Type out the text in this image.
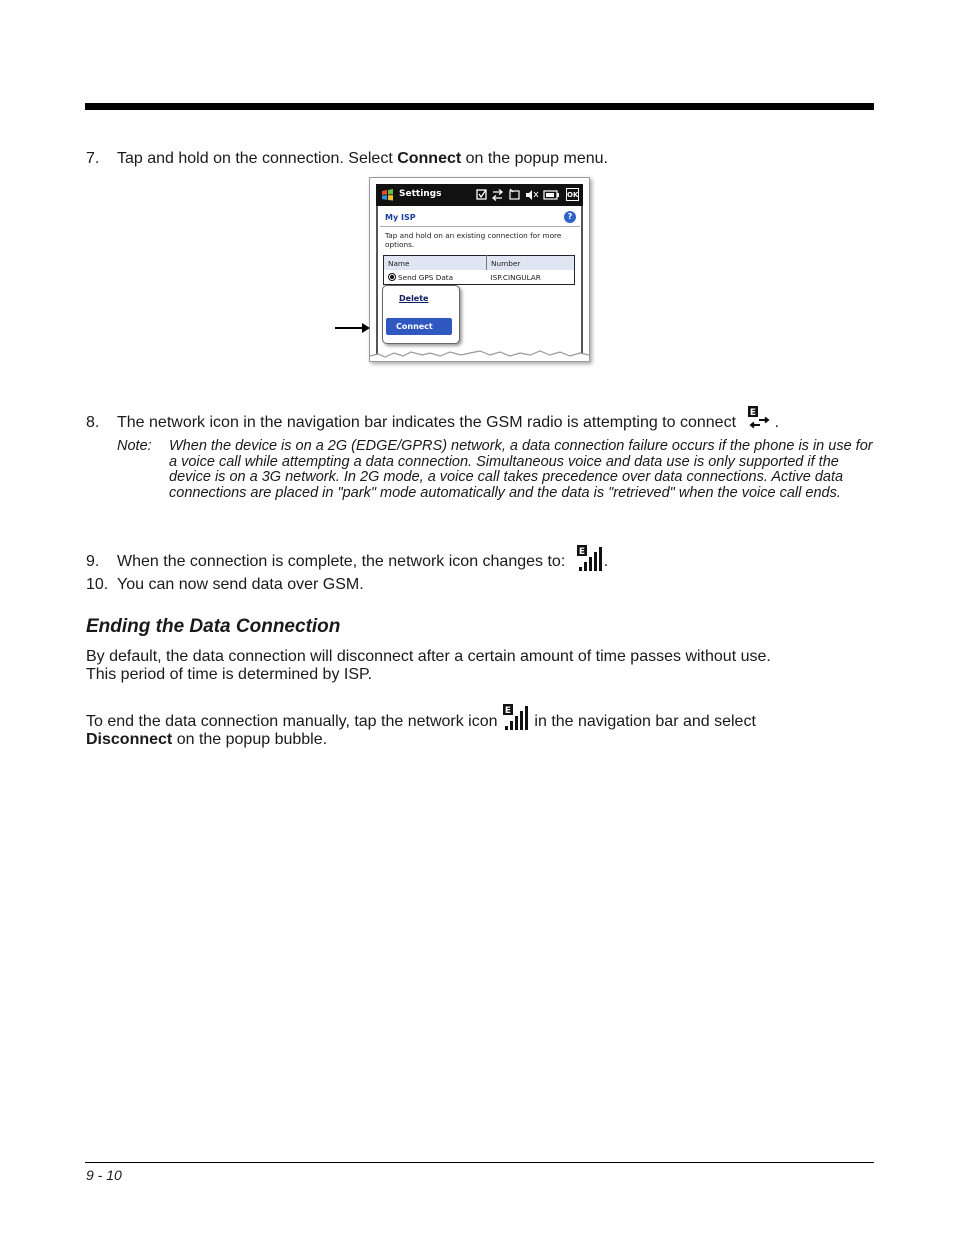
7. Tap and hold on the connection. Select Connect on the popup menu.
Settings	OK
My ISP	?
Tap and hold on an existing connection for more options.
Name	Number
Send GPS Data	ISP.CINGULAR
Delete
Connect
8. The network icon in the navigation bar indicates the GSM radio is attempting to connect
E
.
Note: When the device is on a 2G (EDGE/GPRS) network, a data connection failure occurs if the phone is in use for a voice call while attempting a data connection. Simultaneous voice and data use is only supported if the device is on a 3G network. In 2G mode, a voice call takes precedence over data connections. Active data connections are placed in "park" mode automatically and the data is "retrieved" when the voice call ends.
9. When the connection is complete, the network icon changes to:
E
.
10. You can now send data over GSM.
Ending the Data Connection
By default, the data connection will disconnect after a certain amount of time passes without use.
This period of time is determined by ISP.
To end the data connection manually, tap the network icon
E
in the navigation bar and select
Disconnect on the popup bubble.
9 - 10
